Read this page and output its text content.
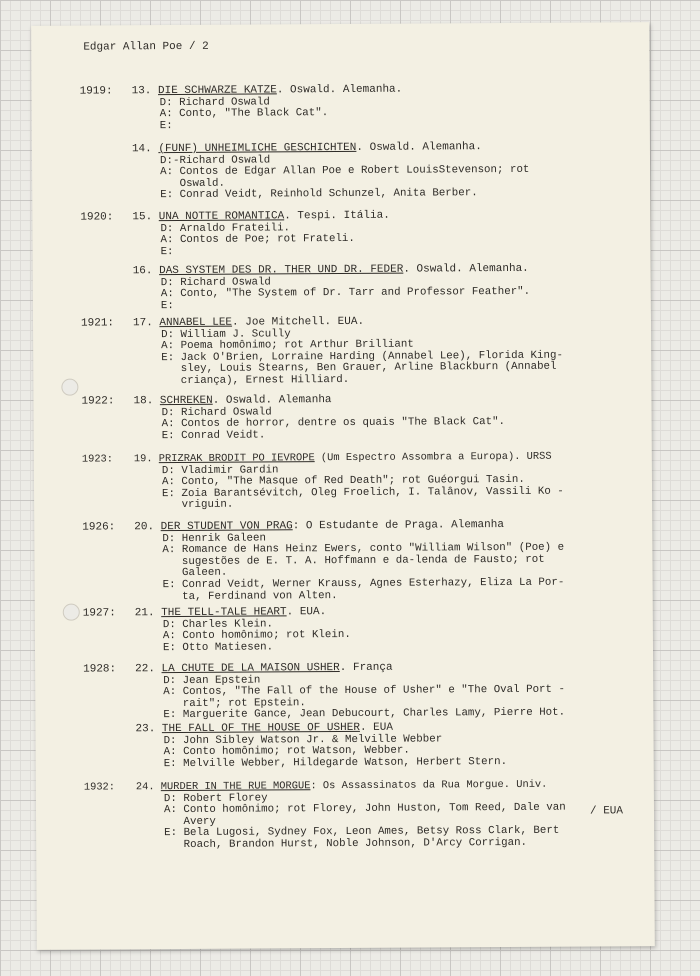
Edgar Allan Poe / 2

/ EUA

1919: 13. DIE SCHWARZE KATZE. Oswald. Alemanha.
D: Richard Oswald
A: Conto, "The Black Cat".
E:
14. (FUNF) UNHEIMLICHE GESCHICHTEN. Oswald. Alemanha.
D:-Richard Oswald
A: Contos de Edgar Allan Poe e Robert LouisStevenson; rot
Oswald.
E: Conrad Veidt, Reinhold Schunzel, Anita Berber.
1920: 15. UNA NOTTE ROMANTICA. Tespi. Itália.
D: Arnaldo Frateili.
A: Contos de Poe; rot Frateli.
E:
16. DAS SYSTEM DES DR. THER UND DR. FEDER. Oswald. Alemanha.
D: Richard Oswald
A: Conto, "The System of Dr. Tarr and Professor Feather".
E:
1921: 17. ANNABEL LEE. Joe Mitchell. EUA.
D: William J. Scully
A: Poema homônimo; rot Arthur Brilliant
E: Jack O'Brien, Lorraine Harding (Annabel Lee), Florida King-
sley, Louis Stearns, Ben Grauer, Arline Blackburn (Annabel
criança), Ernest Hilliard.
1922: 18. SCHREKEN. Oswald. Alemanha
D: Richard Oswald
A: Contos de horror, dentre os quais "The Black Cat".
E: Conrad Veidt.
1923: 19. PRIZRAK BRODIT PO IEVROPE (Um Espectro Assombra a Europa). URSS
D: Vladimir Gardin
A: Conto, "The Masque of Red Death"; rot Guéorgui Tasin.
E: Zoia Barantsévitch, Oleg Froelich, I. Talânov, Vassili Ko -
vriguin.
1926: 20. DER STUDENT VON PRAG: O Estudante de Praga. Alemanha
D: Henrik Galeen
A: Romance de Hans Heinz Ewers, conto "William Wilson" (Poe) e
sugestões de E. T. A. Hoffmann e da-lenda de Fausto; rot
Galeen.
E: Conrad Veidt, Werner Krauss, Agnes Esterhazy, Eliza La Por-
ta, Ferdinand von Alten.
1927: 21. THE TELL-TALE HEART. EUA.
D: Charles Klein.
A: Conto homônimo; rot Klein.
E: Otto Matiesen.
1928: 22. LA CHUTE DE LA MAISON USHER. França
D: Jean Epstein
A: Contos, "The Fall of the House of Usher" e "The Oval Port -
rait"; rot Epstein.
E: Marguerite Gance, Jean Debucourt, Charles Lamy, Pierre Hot.
23. THE FALL OF THE HOUSE OF USHER. EUA
D: John Sibley Watson Jr. & Melville Webber
A: Conto homônimo; rot Watson, Webber.
E: Melville Webber, Hildegarde Watson, Herbert Stern.
1932: 24. MURDER IN THE RUE MORGUE: Os Assassinatos da Rua Morgue. Univ.
D: Robert Florey
A: Conto homônimo; rot Florey, John Huston, Tom Reed, Dale van
Avery
E: Bela Lugosi, Sydney Fox, Leon Ames, Betsy Ross Clark, Bert
Roach, Brandon Hurst, Noble Johnson, D'Arcy Corrigan.
